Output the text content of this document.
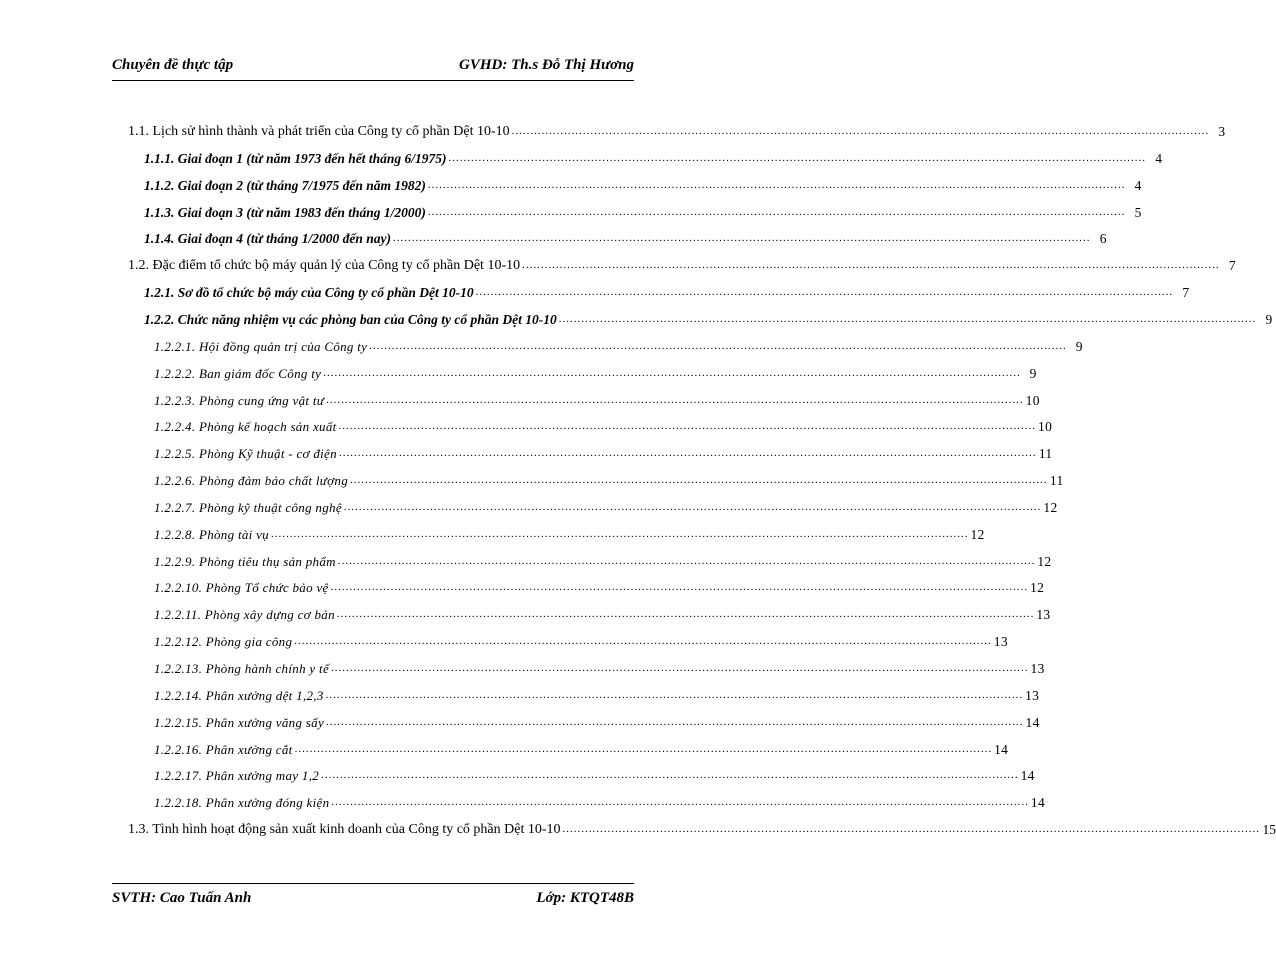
Chuyên đề thực tập	GVHD: Th.s Đỗ Thị Hương
1.1. Lịch sử hình thành và phát triển của Công ty cổ phần Dệt 10-10 .......................................................................................................................................................................................... 3
1.1.1. Giai đoạn 1 (từ năm 1973 đến hết tháng 6/1975) .......................................................................................................................................................................................... 4
1.1.2. Giai đoạn 2 (từ tháng 7/1975 đến năm 1982) .......................................................................................................................................................................................... 4
1.1.3. Giai đoạn 3 (từ năm 1983 đến tháng 1/2000) .......................................................................................................................................................................................... 5
1.1.4. Giai đoạn 4 (từ tháng 1/2000 đến nay) .......................................................................................................................................................................................... 6
1.2. Đặc điểm tổ chức bộ máy quản lý của Công ty cổ phần Dệt 10-10 .......................................................................................................................................................................................... 7
1.2.1. Sơ đồ tổ chức bộ máy của Công ty cổ phần Dệt 10-10 .......................................................................................................................................................................................... 7
1.2.2. Chức năng nhiệm vụ các phòng ban của Công ty cổ phần Dệt 10-10 .......................................................................................................................................................................................... 9
1.2.2.1. Hội đồng quản trị của Công ty .......................................................................................................................................................................................... 9
1.2.2.2. Ban giám đốc Công ty .......................................................................................................................................................................................... 9
1.2.2.3. Phòng cung ứng vật tư .......................................................................................................................................................................................... 10
1.2.2.4. Phòng kế hoạch sản xuất .......................................................................................................................................................................................... 10
1.2.2.5. Phòng Kỹ thuật - cơ điện .......................................................................................................................................................................................... 11
1.2.2.6. Phòng đảm bảo chất lượng .......................................................................................................................................................................................... 11
1.2.2.7. Phòng kỹ thuật công nghệ .......................................................................................................................................................................................... 12
1.2.2.8. Phòng tài vụ .......................................................................................................................................................................................... 12
1.2.2.9. Phòng tiêu thụ sản phẩm .......................................................................................................................................................................................... 12
1.2.2.10. Phòng Tổ chức bảo vệ .......................................................................................................................................................................................... 12
1.2.2.11. Phòng xây dựng cơ bản .......................................................................................................................................................................................... 13
1.2.2.12. Phòng gia công .......................................................................................................................................................................................... 13
1.2.2.13. Phòng hành chính y tế .......................................................................................................................................................................................... 13
1.2.2.14. Phân xưởng dệt 1,2,3 .......................................................................................................................................................................................... 13
1.2.2.15. Phân xưởng văng sấy .......................................................................................................................................................................................... 14
1.2.2.16. Phân xưởng cắt .......................................................................................................................................................................................... 14
1.2.2.17. Phân xưởng may 1,2 .......................................................................................................................................................................................... 14
1.2.2.18. Phân xưởng đóng kiện .......................................................................................................................................................................................... 14
1.3. Tình hình hoạt động sản xuất kinh doanh của Công ty cổ phần Dệt 10-10 .......................................................................................................................................................................................... 15
SVTH: Cao Tuấn Anh	Lớp: KTQT48B
